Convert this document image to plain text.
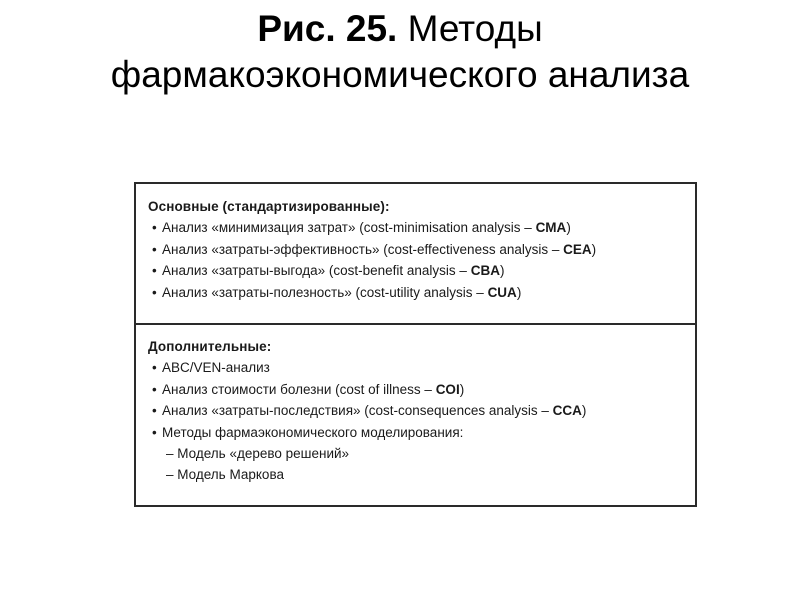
Рис. 25. Методы
фармакоэкономического анализа
Основные (стандартизированные):
• Анализ «минимизация затрат» (cost-minimisation analysis – CMA)
• Анализ «затраты-эффективность» (cost-effectiveness analysis – CEA)
• Анализ «затраты-выгода» (cost-benefit analysis – CBA)
• Анализ «затраты-полезность» (cost-utility analysis – CUA)
Дополнительные:
• ABC/VEN-анализ
• Анализ стоимости болезни (cost of illness – COI)
• Анализ «затраты-последствия» (cost-consequences analysis – CCA)
• Методы фармаэкономического моделирования:
– Модель «дерево решений»
– Модель Маркова
